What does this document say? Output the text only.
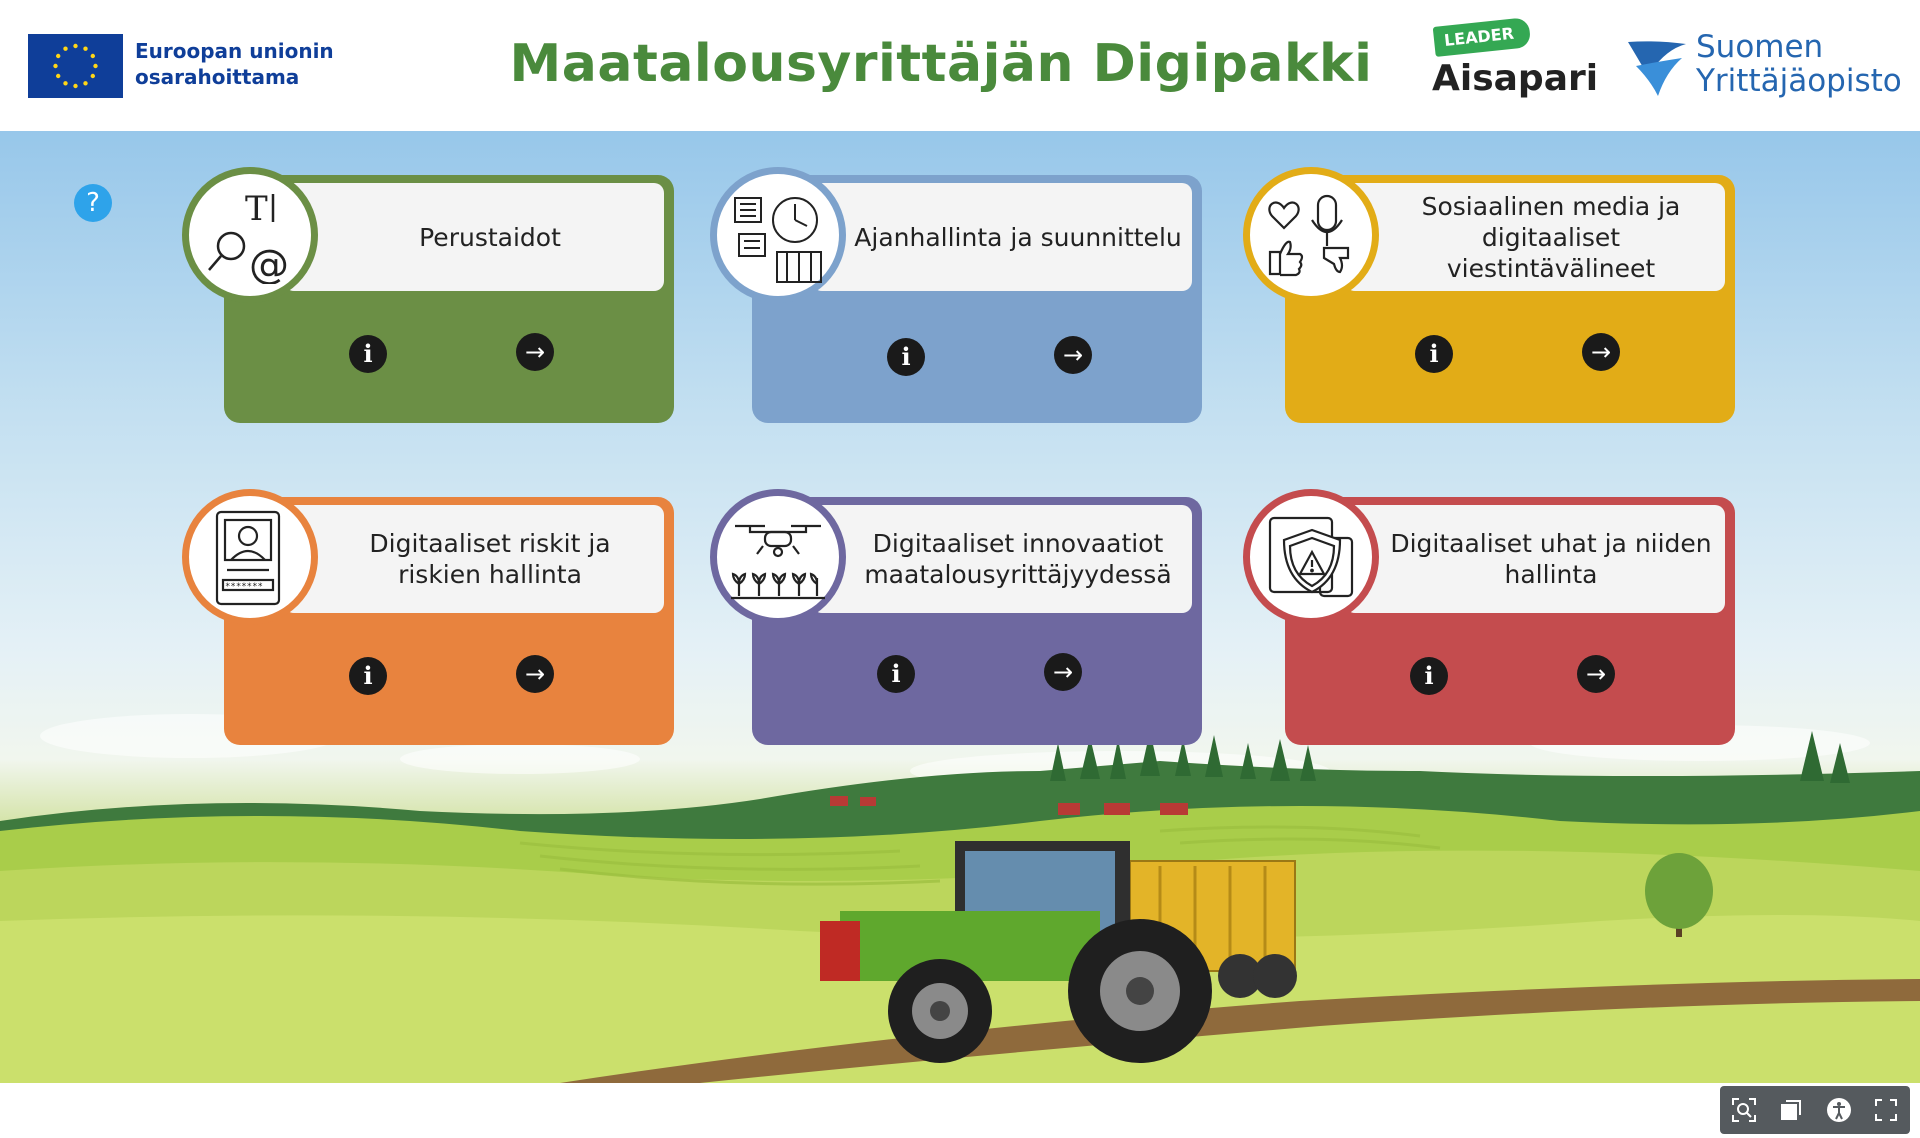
Euroopan unionin
osarahoittama	Maatalousyrittäjän Digipakki	LEADER
Aisapari
Suomen
Yrittäjäopisto
?
Perustaidot
T
@
i	→
Ajanhallinta ja suunnittelu
i	→
Sosiaalinen media ja digitaaliset viestintävälineet
i	→
Digitaaliset riskit ja riskien hallinta
*******
i	→
Digitaaliset innovaatiot maatalousyrittäjyydessä
i	→
Digitaaliset uhat ja niiden hallinta
i	→
